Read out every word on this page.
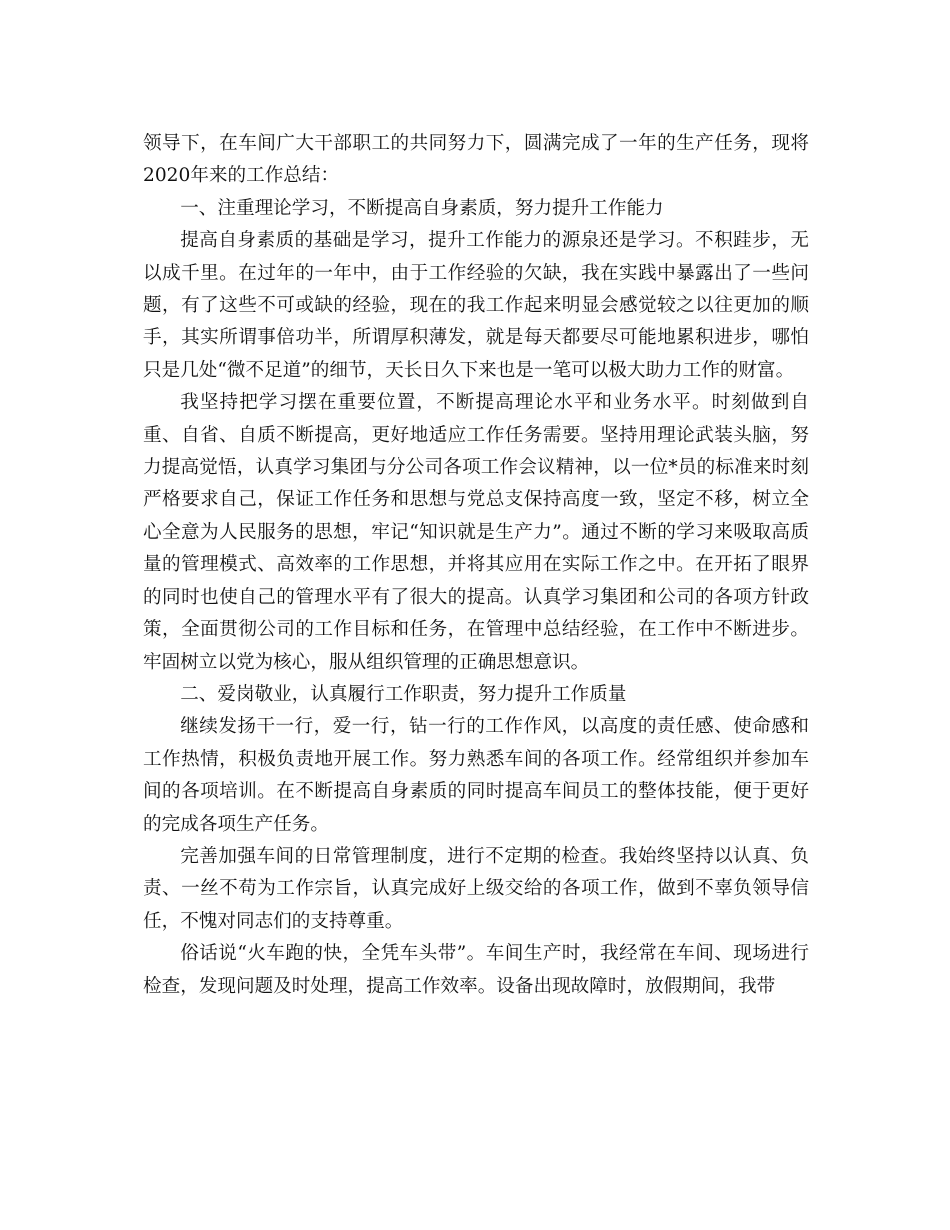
领导下，在车间广大干部职工的共同努力下，圆满完成了一年的生产任务，现将2020年来的工作总结：

一、注重理论学习，不断提高自身素质，努力提升工作能力

提高自身素质的基础是学习，提升工作能力的源泉还是学习。不积跬步，无以成千里。在过年的一年中，由于工作经验的欠缺，我在实践中暴露出了一些问题，有了这些不可或缺的经验，现在的我工作起来明显会感觉较之以往更加的顺手，其实所谓事倍功半，所谓厚积薄发，就是每天都要尽可能地累积进步，哪怕只是几处“微不足道”的细节，天长日久下来也是一笔可以极大助力工作的财富。

我坚持把学习摆在重要位置，不断提高理论水平和业务水平。时刻做到自重、自省、自质不断提高，更好地适应工作任务需要。坚持用理论武装头脑，努力提高觉悟，认真学习集团与分公司各项工作会议精神，以一位*员的标准来时刻严格要求自己，保证工作任务和思想与党总支保持高度一致，坚定不移，树立全心全意为人民服务的思想，牢记“知识就是生产力”。通过不断的学习来吸取高质量的管理模式、高效率的工作思想，并将其应用在实际工作之中。在开拓了眼界的同时也使自己的管理水平有了很大的提高。认真学习集团和公司的各项方针政策，全面贯彻公司的工作目标和任务，在管理中总结经验，在工作中不断进步。牢固树立以党为核心，服从组织管理的正确思想意识。

二、爱岗敬业，认真履行工作职责，努力提升工作质量

继续发扬干一行，爱一行，钻一行的工作作风，以高度的责任感、使命感和工作热情，积极负责地开展工作。努力熟悉车间的各项工作。经常组织并参加车间的各项培训。在不断提高自身素质的同时提高车间员工的整体技能，便于更好的完成各项生产任务。

完善加强车间的日常管理制度，进行不定期的检查。我始终坚持以认真、负责、一丝不苟为工作宗旨，认真完成好上级交给的各项工作，做到不辜负领导信任，不愧对同志们的支持尊重。

俗话说“火车跑的快，全凭车头带”。车间生产时，我经常在车间、现场进行检查，发现问题及时处理，提高工作效率。设备出现故障时，放假期间，我带
